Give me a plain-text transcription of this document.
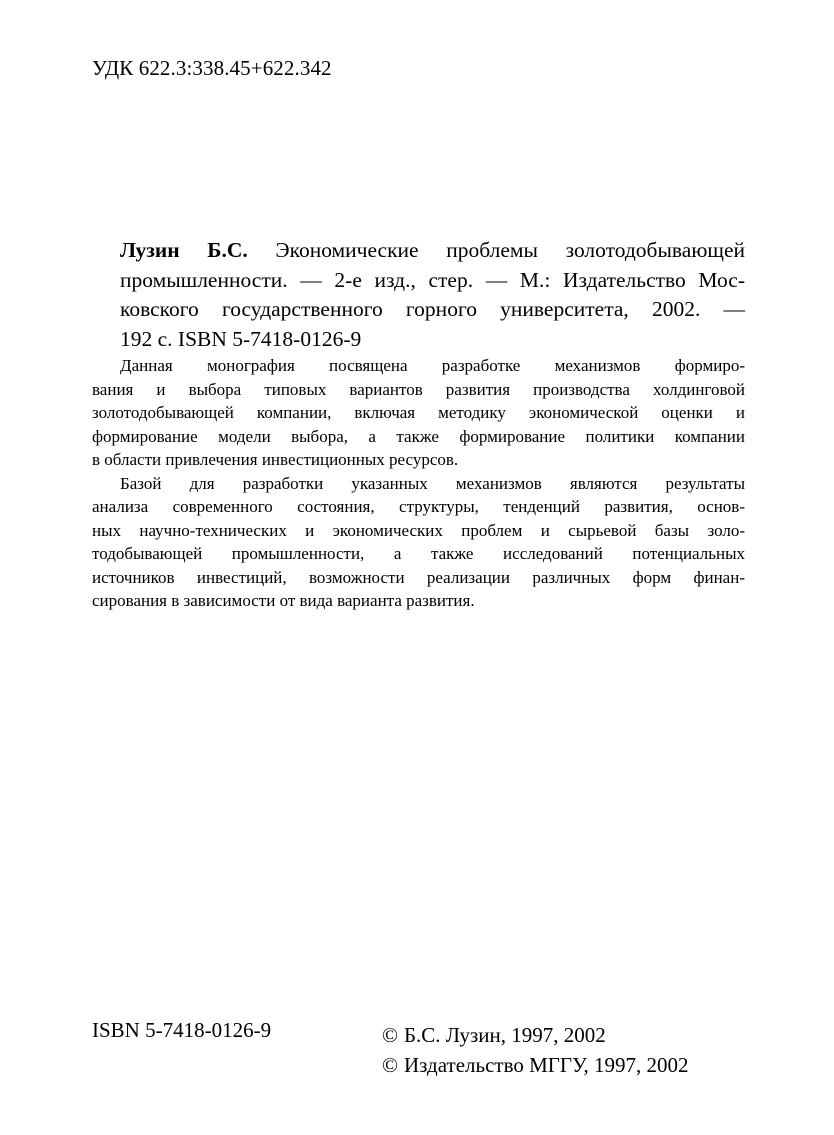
УДК 622.3:338.45+622.342

Лузин Б.С. Экономические проблемы золотодобывающей
промышленности. — 2-е изд., стер. — М.: Издательство Мос-
ковского государственного горного университета, 2002. —
192 с. ISBN 5-7418-0126-9

Данная монография посвящена разработке механизмов формиро-
вания и выбора типовых вариантов развития производства холдинговой
золотодобывающей компании, включая методику экономической оценки и
формирование модели выбора, а также формирование политики компании
в области привлечения инвестиционных ресурсов.

Базой для разработки указанных механизмов являются результаты
анализа современного состояния, структуры, тенденций развития, основ-
ных научно-технических и экономических проблем и сырьевой базы золо-
тодобывающей промышленности, а также исследований потенциальных
источников инвестиций, возможности реализации различных форм финан-
сирования в зависимости от вида варианта развития.

ISBN 5-7418-0126-9	© Б.С. Лузин, 1997, 2002
© Издательство МГГУ, 1997, 2002
